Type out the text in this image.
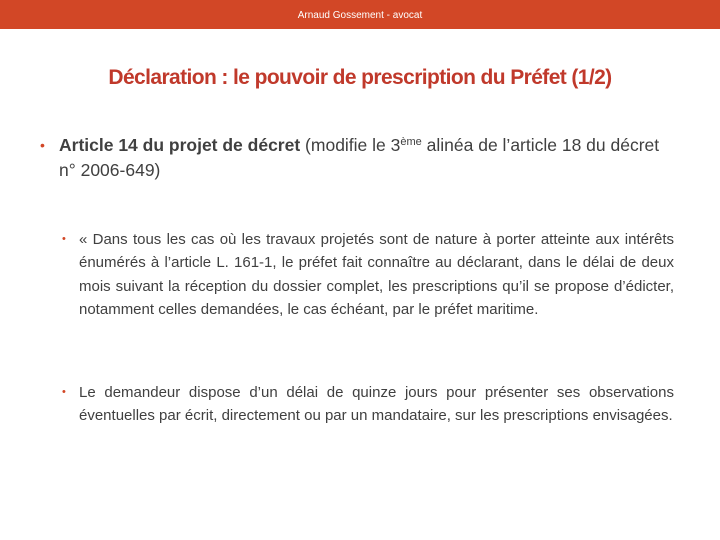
Arnaud Gossement - avocat
Déclaration : le pouvoir de prescription du Préfet (1/2)
• Article 14 du projet de décret (modifie le 3ème alinéa de l’article 18 du décret n° 2006-649)
• « Dans tous les cas où les travaux projetés sont de nature à porter atteinte aux intérêts énumérés à l’article L. 161-1, le préfet fait connaître au déclarant, dans le délai de deux mois suivant la réception du dossier complet, les prescriptions qu’il se propose d’édicter, notamment celles demandées, le cas échéant, par le préfet maritime.
• Le demandeur dispose d’un délai de quinze jours pour présenter ses observations éventuelles par écrit, directement ou par un mandataire, sur les prescriptions envisagées.
